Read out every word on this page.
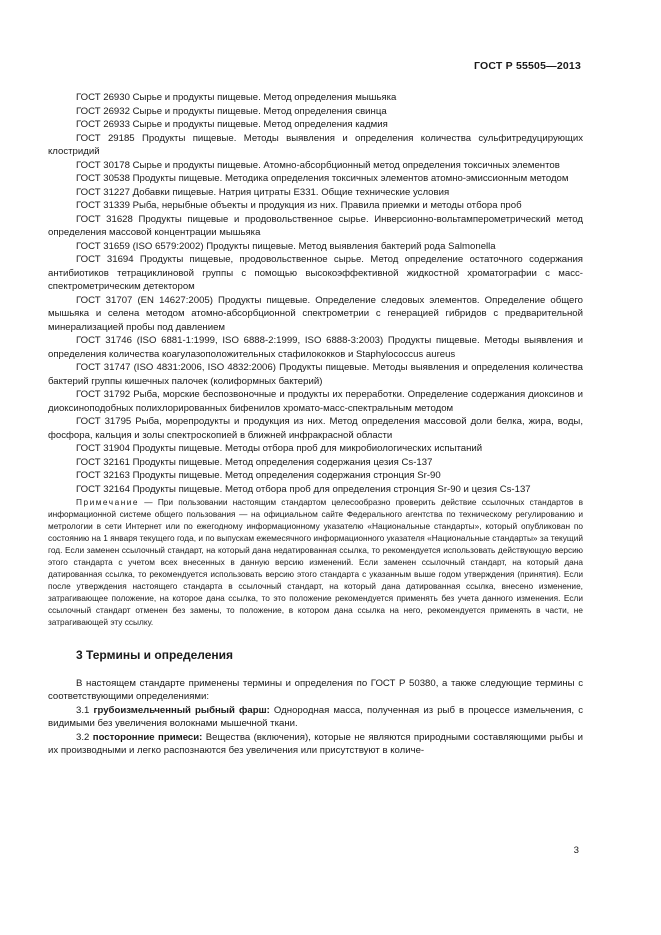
ГОСТ Р 55505—2013

ГОСТ 26930 Сырье и продукты пищевые. Метод определения мышьяка

ГОСТ 26932 Сырье и продукты пищевые. Метод определения свинца

ГОСТ 26933 Сырье и продукты пищевые. Метод определения кадмия

ГОСТ 29185 Продукты пищевые. Методы выявления и определения количества сульфитредуцирующих клостридий

ГОСТ 30178 Сырье и продукты пищевые. Атомно-абсорбционный метод определения токсичных элементов

ГОСТ 30538 Продукты пищевые. Методика определения токсичных элементов атомно-эмиссионным методом

ГОСТ 31227 Добавки пищевые. Натрия цитраты Е331. Общие технические условия

ГОСТ 31339 Рыба, нерыбные объекты и продукция из них. Правила приемки и методы отбора проб

ГОСТ 31628 Продукты пищевые и продовольственное сырье. Инверсионно-вольтамперометрический метод определения массовой концентрации мышьяка

ГОСТ 31659 (ISO 6579:2002) Продукты пищевые. Метод выявления бактерий рода Salmonella

ГОСТ 31694 Продукты пищевые, продовольственное сырье. Метод определение остаточного содержания антибиотиков тетрациклиновой группы с помощью высокоэффективной жидкостной хроматографии с масс-спектрометрическим детектором

ГОСТ 31707 (EN 14627:2005) Продукты пищевые. Определение следовых элементов. Определение общего мышьяка и селена методом атомно-абсорбционной спектрометрии с генерацией гибридов с предварительной минерализацией пробы под давлением

ГОСТ 31746 (ISO 6881-1:1999, ISO 6888-2:1999, ISO 6888-3:2003) Продукты пищевые. Методы выявления и определения количества коагулазоположительных стафилококков и Staphylococcus aureus

ГОСТ 31747 (ISO 4831:2006, ISO 4832:2006) Продукты пищевые. Методы выявления и определения количества бактерий группы кишечных палочек (колиформных бактерий)

ГОСТ 31792 Рыба, морские беспозвоночные и продукты их переработки. Определение содержания диоксинов и диоксиноподобных полихлорированных бифенилов хромато-масс-спектральным методом

ГОСТ 31795 Рыба, морепродукты и продукция из них. Метод определения массовой доли белка, жира, воды, фосфора, кальция и золы спектроскопией в ближней инфракрасной области

ГОСТ 31904 Продукты пищевые. Методы отбора проб для микробиологических испытаний

ГОСТ 32161 Продукты пищевые. Метод определения содержания цезия Cs-137

ГОСТ 32163 Продукты пищевые. Метод определения содержания стронция Sr-90

ГОСТ 32164 Продукты пищевые. Метод отбора проб для определения стронция Sr-90 и цезия Cs-137

Примечание — При пользовании настоящим стандартом целесообразно проверить действие ссылочных стандартов в информационной системе общего пользования — на официальном сайте Федерального агентства по техническому регулированию и метрологии в сети Интернет или по ежегодному информационному указателю «Национальные стандарты», который опубликован по состоянию на 1 января текущего года, и по выпускам ежемесячного информационного указателя «Национальные стандарты» за текущий год. Если заменен ссылочный стандарт, на который дана недатированная ссылка, то рекомендуется использовать действующую версию этого стандарта с учетом всех внесенных в данную версию изменений. Если заменен ссылочный стандарт, на который дана датированная ссылка, то рекомендуется использовать версию этого стандарта с указанным выше годом утверждения (принятия). Если после утверждения настоящего стандарта в ссылочный стандарт, на который дана датированная ссылка, внесено изменение, затрагивающее положение, на которое дана ссылка, то это положение рекомендуется применять без учета данного изменения. Если ссылочный стандарт отменен без замены, то положение, в котором дана ссылка на него, рекомендуется применять в части, не затрагивающей эту ссылку.

3 Термины и определения

В настоящем стандарте применены термины и определения по ГОСТ Р 50380, а также следующие термины с соответствующими определениями:

3.1 грубоизмельченный рыбный фарш: Однородная масса, полученная из рыб в процессе измельчения, с видимыми без увеличения волокнами мышечной ткани.

3.2 посторонние примеси: Вещества (включения), которые не являются природными составляющими рыбы и их производными и легко распознаются без увеличения или присутствуют в количе-

3
